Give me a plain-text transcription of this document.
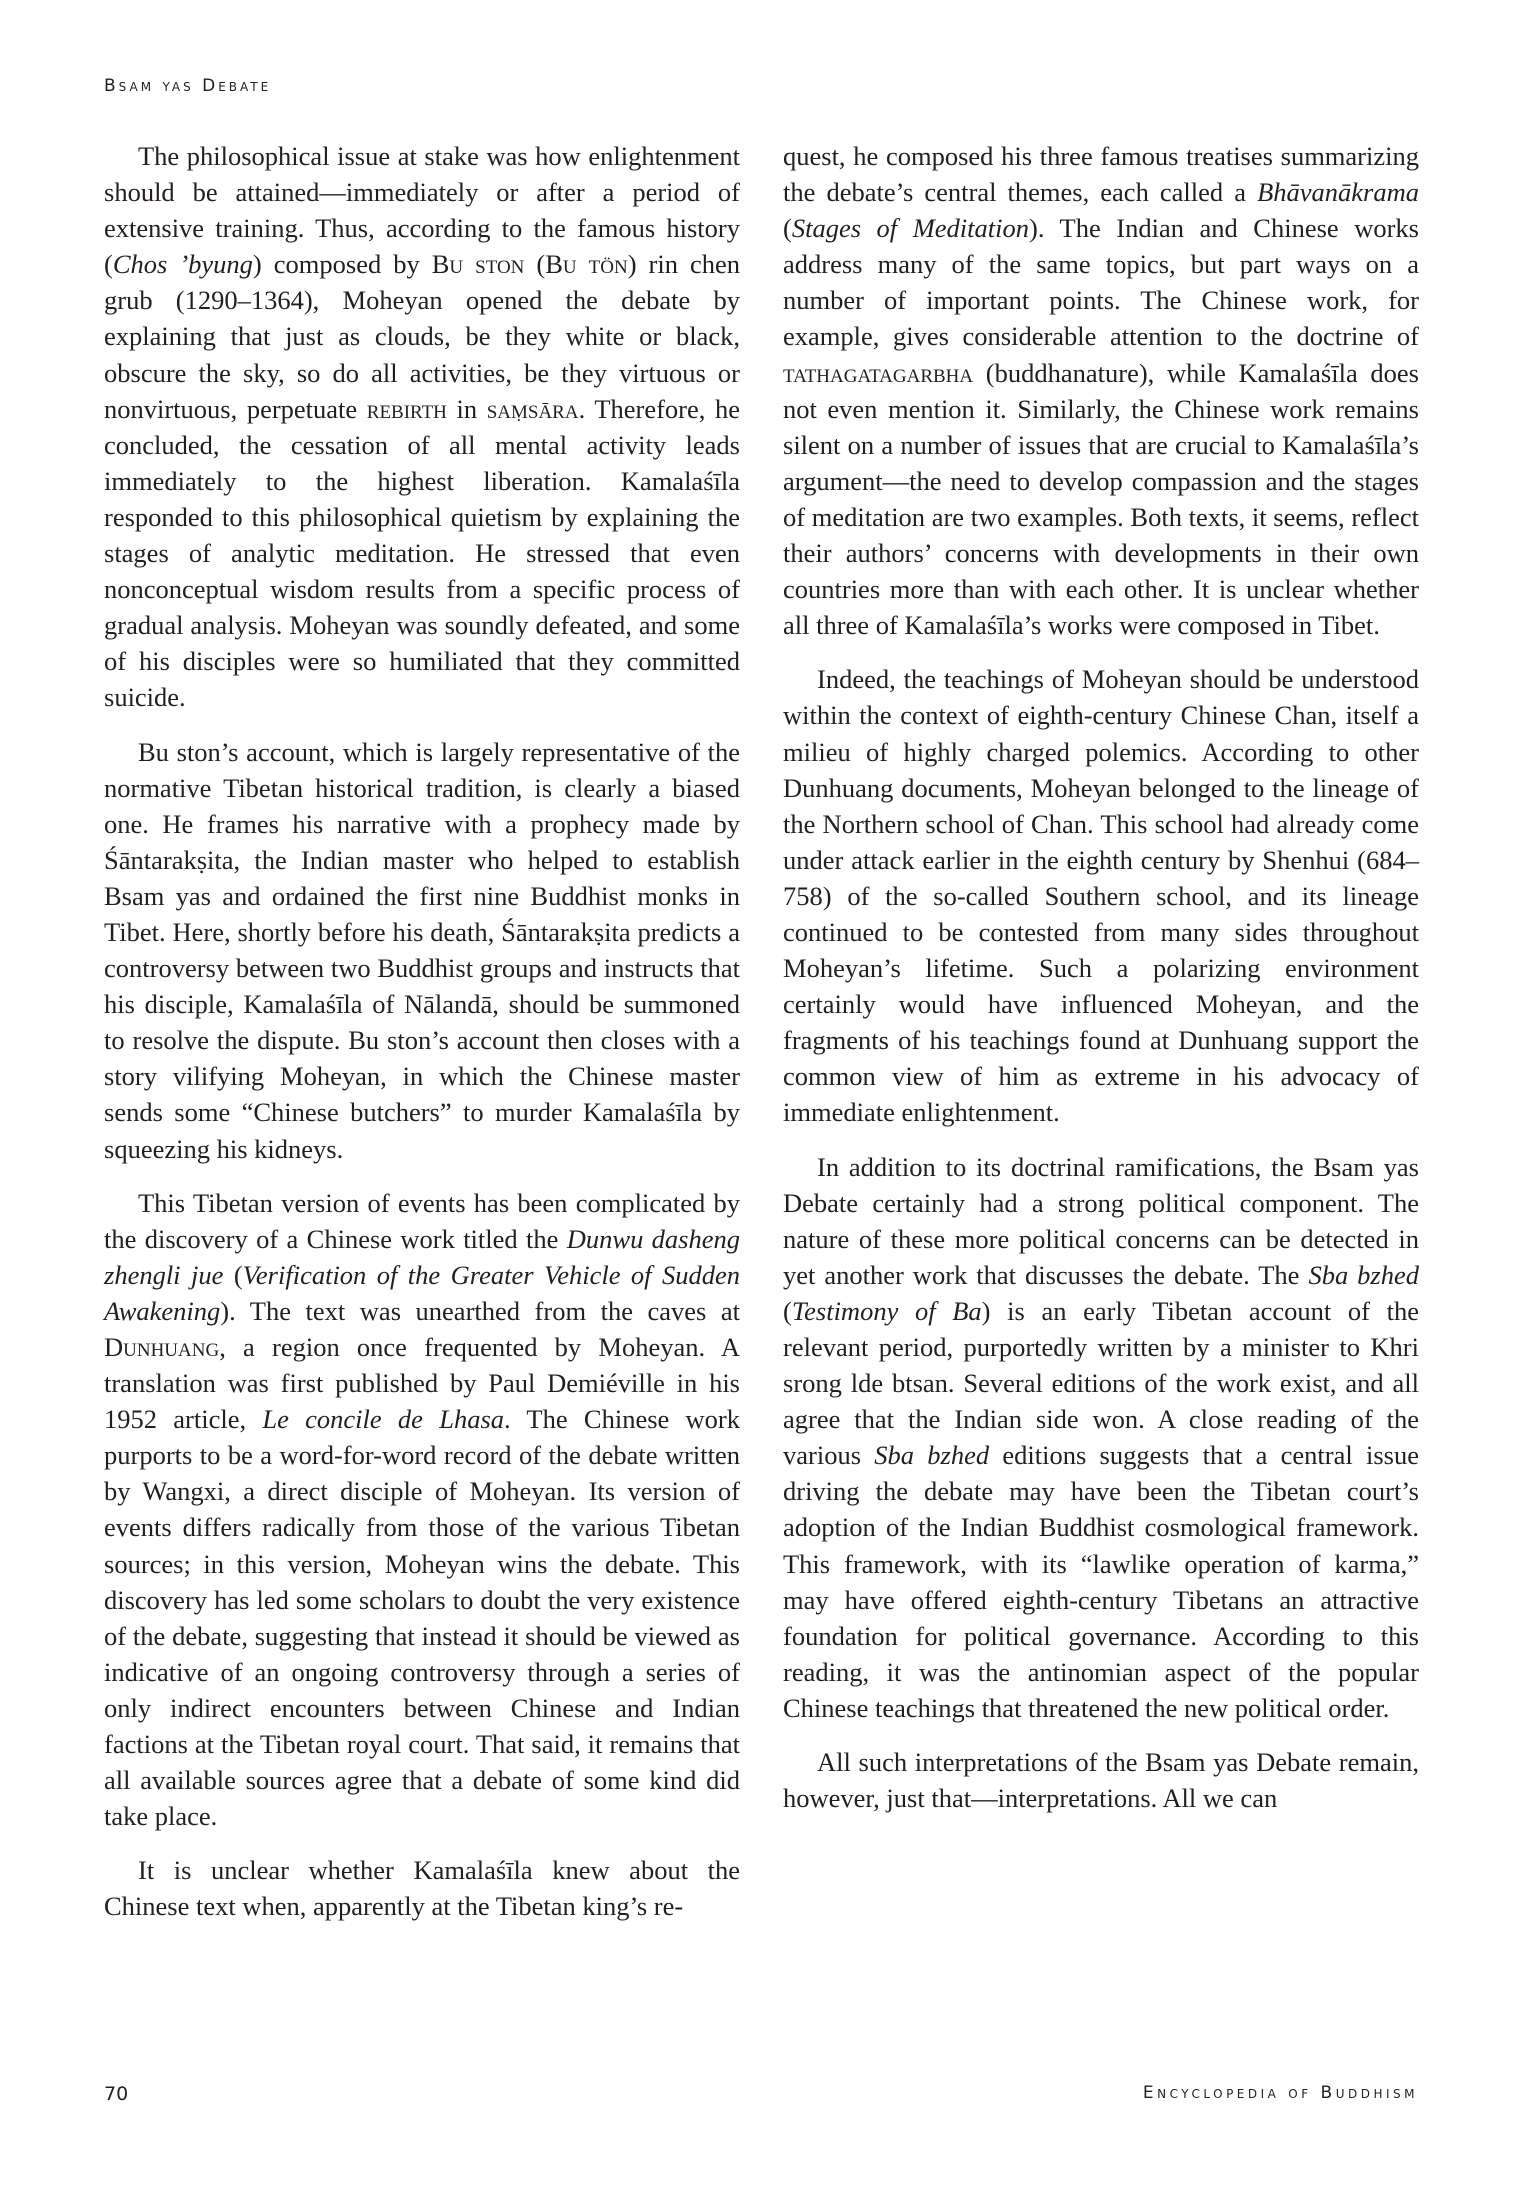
Bsam yas Debate

The philosophical issue at stake was how enlightenment should be attained—immediately or after a period of extensive training. Thus, according to the famous history (Chos ’byung) composed by Bu ston (Bu tön) rin chen grub (1290–1364), Moheyan opened the debate by explaining that just as clouds, be they white or black, obscure the sky, so do all activities, be they virtuous or nonvirtuous, perpetuate rebirth in saṃsāra. Therefore, he concluded, the cessation of all mental activity leads immediately to the highest liberation. Kamalaśīla responded to this philosophical quietism by explaining the stages of analytic meditation. He stressed that even nonconceptual wisdom results from a specific process of gradual analysis. Moheyan was soundly defeated, and some of his disciples were so humiliated that they committed suicide.

Bu ston’s account, which is largely representative of the normative Tibetan historical tradition, is clearly a biased one. He frames his narrative with a prophecy made by Śāntarakṣita, the Indian master who helped to establish Bsam yas and ordained the first nine Buddhist monks in Tibet. Here, shortly before his death, Śāntarakṣita predicts a controversy between two Buddhist groups and instructs that his disciple, Kamalaśīla of Nālandā, should be summoned to resolve the dispute. Bu ston’s account then closes with a story vilifying Moheyan, in which the Chinese master sends some “Chinese butchers” to murder Kamalaśīla by squeezing his kidneys.

This Tibetan version of events has been complicated by the discovery of a Chinese work titled the Dunwu dasheng zhengli jue (Verification of the Greater Vehicle of Sudden Awakening). The text was unearthed from the caves at Dunhuang, a region once frequented by Moheyan. A translation was first published by Paul Demiéville in his 1952 article, Le concile de Lhasa. The Chinese work purports to be a word-for-word record of the debate written by Wangxi, a direct disciple of Moheyan. Its version of events differs radically from those of the various Tibetan sources; in this version, Moheyan wins the debate. This discovery has led some scholars to doubt the very existence of the debate, suggesting that instead it should be viewed as indicative of an ongoing controversy through a series of only indirect encounters between Chinese and Indian factions at the Tibetan royal court. That said, it remains that all available sources agree that a debate of some kind did take place.

It is unclear whether Kamalaśīla knew about the Chinese text when, apparently at the Tibetan king’s re-

quest, he composed his three famous treatises summarizing the debate’s central themes, each called a Bhāvanākrama (Stages of Meditation). The Indian and Chinese works address many of the same topics, but part ways on a number of important points. The Chinese work, for example, gives considerable attention to the doctrine of tathagatagarbha (buddhanature), while Kamalaśīla does not even mention it. Similarly, the Chinese work remains silent on a number of issues that are crucial to Kamalaśīla’s argument—the need to develop compassion and the stages of meditation are two examples. Both texts, it seems, reflect their authors’ concerns with developments in their own countries more than with each other. It is unclear whether all three of Kamalaśīla’s works were composed in Tibet.

Indeed, the teachings of Moheyan should be understood within the context of eighth-century Chinese Chan, itself a milieu of highly charged polemics. According to other Dunhuang documents, Moheyan belonged to the lineage of the Northern school of Chan. This school had already come under attack earlier in the eighth century by Shenhui (684–758) of the so-called Southern school, and its lineage continued to be contested from many sides throughout Moheyan’s lifetime. Such a polarizing environment certainly would have influenced Moheyan, and the fragments of his teachings found at Dunhuang support the common view of him as extreme in his advocacy of immediate enlightenment.

In addition to its doctrinal ramifications, the Bsam yas Debate certainly had a strong political component. The nature of these more political concerns can be detected in yet another work that discusses the debate. The Sba bzhed (Testimony of Ba) is an early Tibetan account of the relevant period, purportedly written by a minister to Khri srong lde btsan. Several editions of the work exist, and all agree that the Indian side won. A close reading of the various Sba bzhed editions suggests that a central issue driving the debate may have been the Tibetan court’s adoption of the Indian Buddhist cosmological framework. This framework, with its “lawlike operation of karma,” may have offered eighth-century Tibetans an attractive foundation for political governance. According to this reading, it was the antinomian aspect of the popular Chinese teachings that threatened the new political order.

All such interpretations of the Bsam yas Debate remain, however, just that—interpretations. All we can

70	Encyclopedia of Buddhism
